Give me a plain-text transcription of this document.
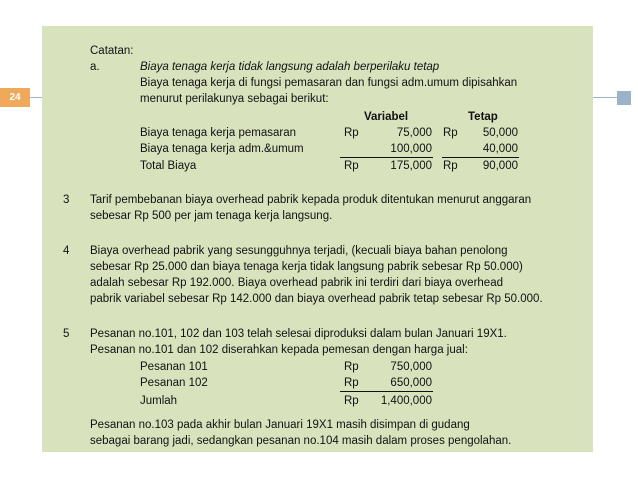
24
Catatan:
a.	Biaya tenaga kerja tidak langsung adalah berperilaku tetap
Biaya tenaga kerja di fungsi pemasaran dan fungsi adm.umum dipisahkan
menurut perilakunya sebagai berikut:
Variabel	Tetap
Biaya tenaga kerja pemasaran	Rp	75,000 Rp	50,000
Biaya tenaga kerja adm.&umum	100,000	40,000
Total Biaya	Rp	175,000 Rp	90,000
3 Tarif pembebanan biaya overhead pabrik kepada produk ditentukan menurut anggaran
sebesar Rp 500 per jam tenaga kerja langsung.
4 Biaya overhead pabrik yang sesungguhnya terjadi, (kecuali biaya bahan penolong
sebesar Rp 25.000 dan biaya tenaga kerja tidak langsung pabrik sebesar Rp 50.000)
adalah sebesar Rp 192.000. Biaya overhead pabrik ini terdiri dari biaya overhead
pabrik variabel sebesar Rp 142.000 dan biaya overhead pabrik tetap sebesar Rp 50.000.
5 Pesanan no.101, 102 dan 103 telah selesai diproduksi dalam bulan Januari 19X1.
Pesanan no.101 dan 102 diserahkan kepada pemesan dengan harga jual:
Pesanan 101	Rp	750,000
Pesanan 102	Rp	650,000
Jumlah	Rp	1,400,000
Pesanan no.103 pada akhir bulan Januari 19X1 masih disimpan di gudang
sebagai barang jadi, sedangkan pesanan no.104 masih dalam proses pengolahan.
